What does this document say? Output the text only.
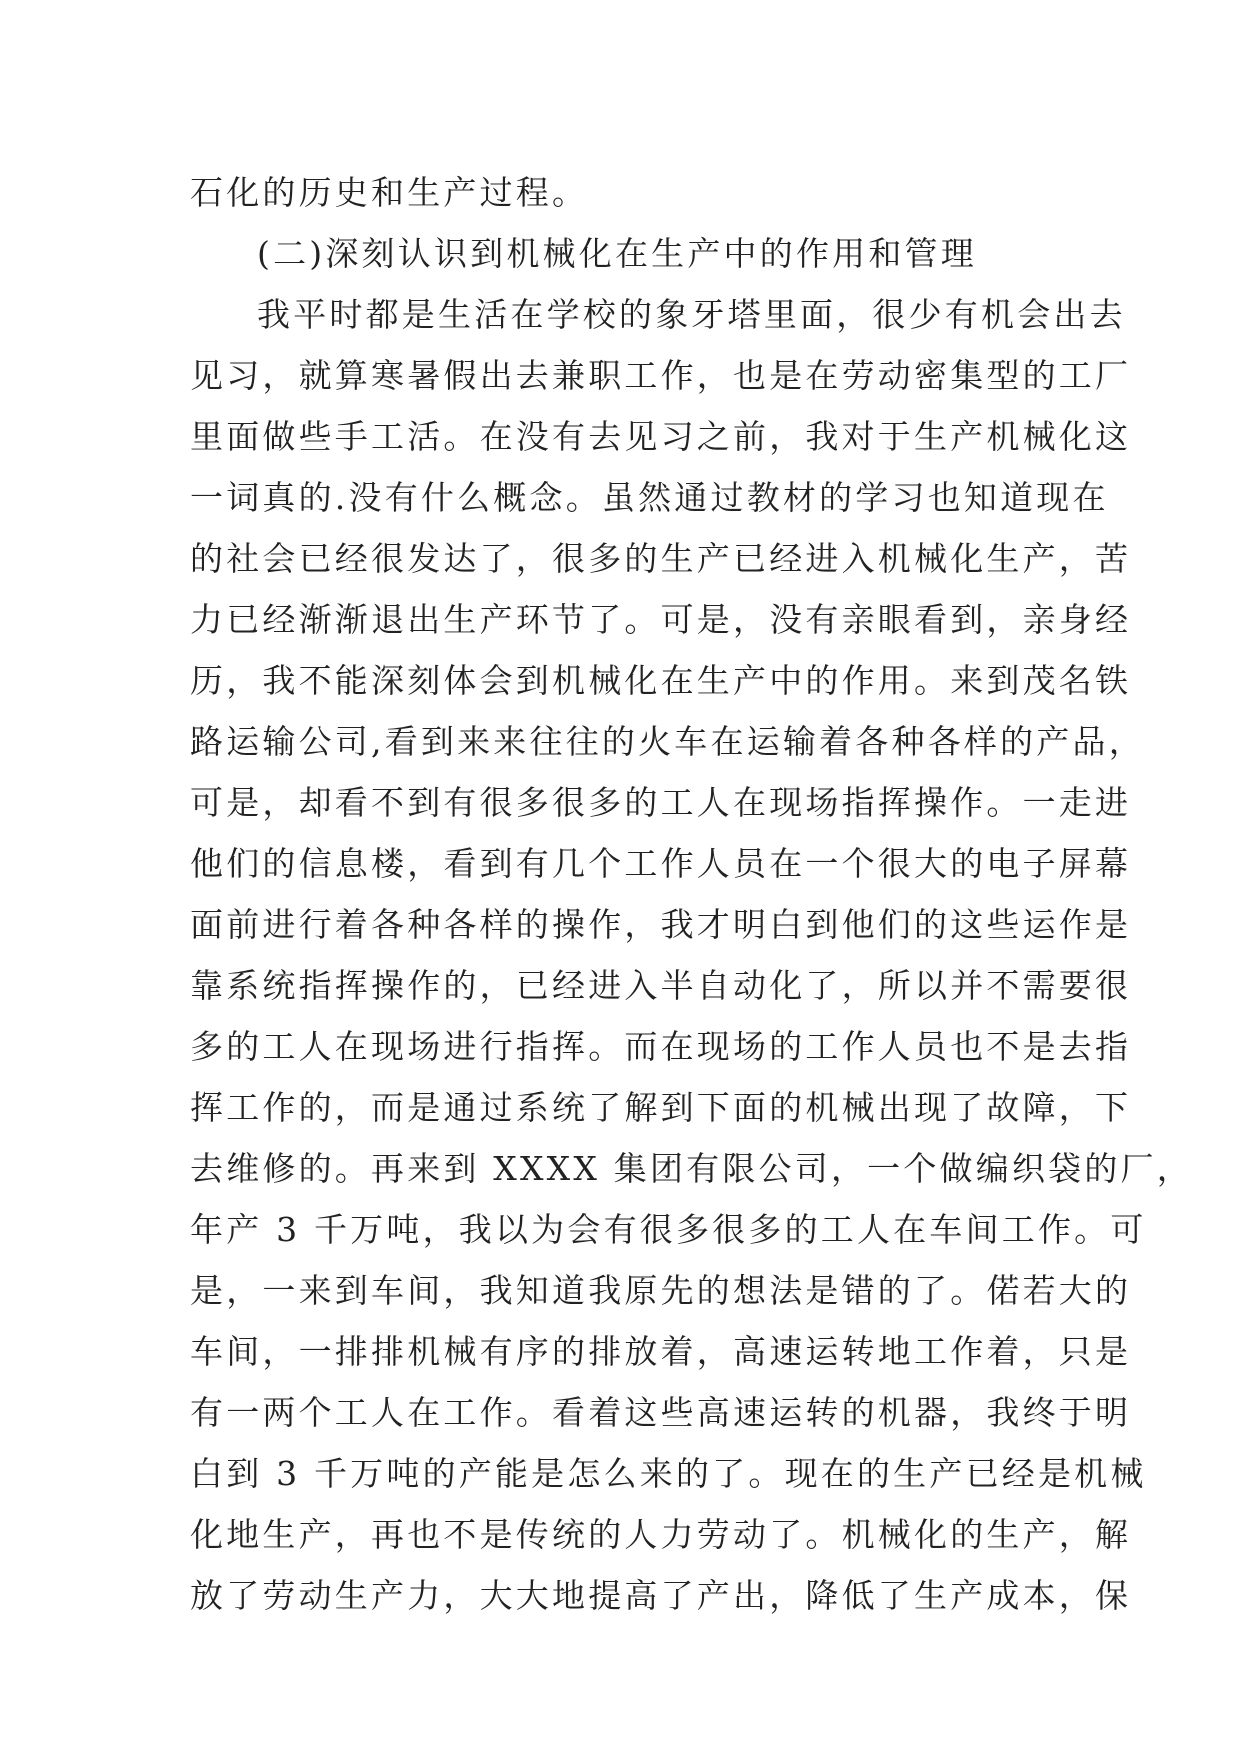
石化的历史和生产过程。
(二)深刻认识到机械化在生产中的作用和管理
我平时都是生活在学校的象牙塔里面，很少有机会出去
见习，就算寒暑假出去兼职工作，也是在劳动密集型的工厂
里面做些手工活。在没有去见习之前，我对于生产机械化这
一词真的.没有什么概念。虽然通过教材的学习也知道现在
的社会已经很发达了，很多的生产已经进入机械化生产，苦
力已经渐渐退出生产环节了。可是，没有亲眼看到，亲身经
历，我不能深刻体会到机械化在生产中的作用。来到茂名铁
路运输公司,看到来来往往的火车在运输着各种各样的产品，
可是，却看不到有很多很多的工人在现场指挥操作。一走进
他们的信息楼，看到有几个工作人员在一个很大的电子屏幕
面前进行着各种各样的操作，我才明白到他们的这些运作是
靠系统指挥操作的，已经进入半自动化了，所以并不需要很
多的工人在现场进行指挥。而在现场的工作人员也不是去指
挥工作的，而是通过系统了解到下面的机械出现了故障，下
去维修的。再来到 XXXX 集团有限公司，一个做编织袋的厂，
年产 3 千万吨，我以为会有很多很多的工人在车间工作。可
是，一来到车间，我知道我原先的想法是错的了。偌若大的
车间，一排排机械有序的排放着，高速运转地工作着，只是
有一两个工人在工作。看着这些高速运转的机器，我终于明
白到 3 千万吨的产能是怎么来的了。现在的生产已经是机械
化地生产，再也不是传统的人力劳动了。机械化的生产，解
放了劳动生产力，大大地提高了产出，降低了生产成本，保
